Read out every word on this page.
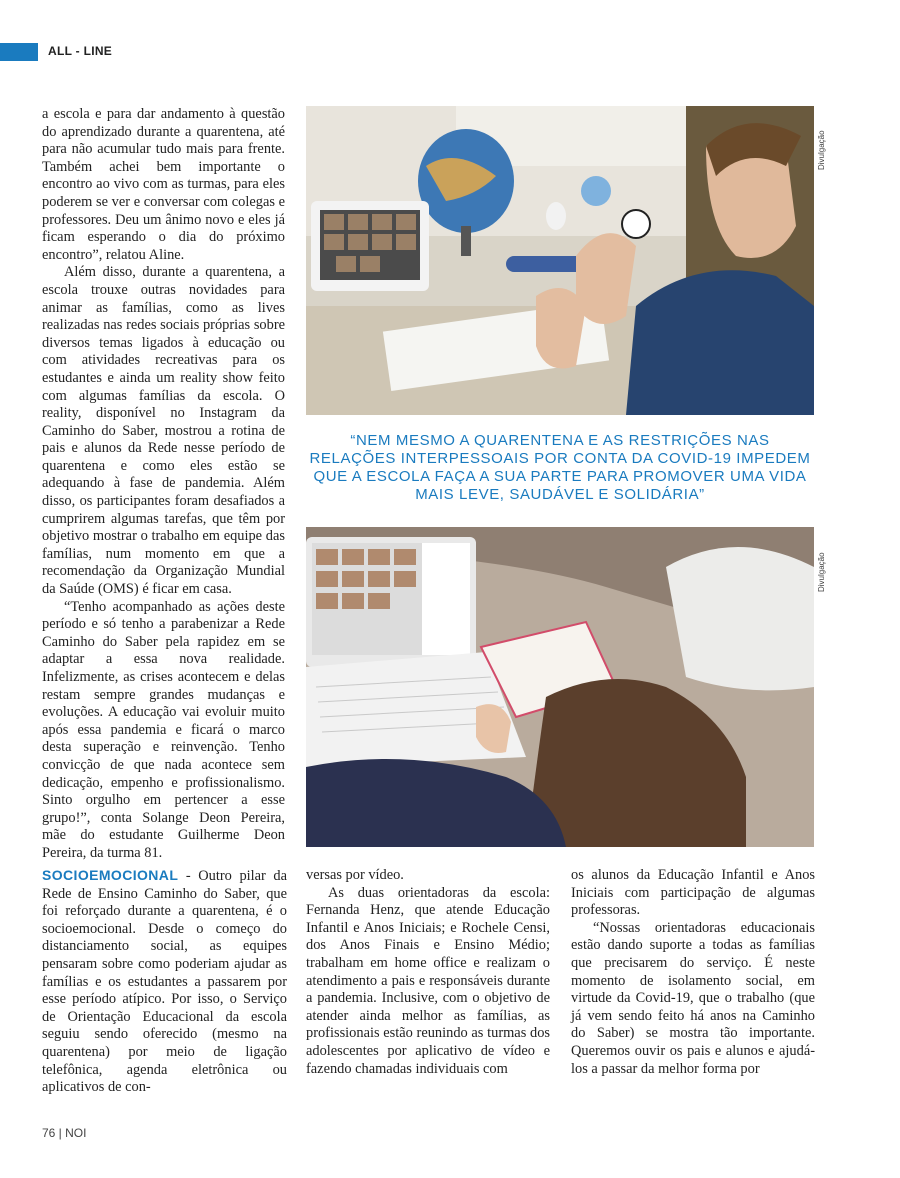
ALL - LINE

a escola e para dar andamento à questão do aprendizado durante a quarentena, até para não acumular tudo mais para frente. Também achei bem importante o encontro ao vivo com as turmas, para eles poderem se ver e conversar com colegas e professores. Deu um ânimo novo e eles já ficam esperando o dia do próximo encontro”, relatou Aline.

Além disso, durante a quarentena, a escola trouxe outras novidades para animar as famílias, como as lives realizadas nas redes sociais próprias sobre diversos temas ligados à educação ou com atividades recreativas para os estudantes e ainda um reality show feito com algumas famílias da escola. O reality, disponível no Instagram da Caminho do Saber, mostrou a rotina de pais e alunos da Rede nesse período de quarentena e como eles estão se adequando à fase de pandemia. Além disso, os participantes foram desafiados a cumprirem algumas tarefas, que têm por objetivo mostrar o trabalho em equipe das famílias, num momento em que a recomendação da Organização Mundial da Saúde (OMS) é ficar em casa.

“Tenho acompanhado as ações deste período e só tenho a parabenizar a Rede Caminho do Saber pela rapidez em se adaptar a essa nova realidade. Infelizmente, as crises acontecem e delas restam sempre grandes mudanças e evoluções. A educação vai evoluir muito após essa pandemia e ficará o marco desta superação e reinvenção. Tenho convicção de que nada acontece sem dedicação, empenho e profissionalismo. Sinto orgulho em pertencer a esse grupo!”, conta Solange Deon Pereira, mãe do estudante Guilherme Deon Pereira, da turma 81.

Divulgação
“NEM MESMO A QUARENTENA E AS RESTRIÇÕES NAS RELAÇÕES INTERPESSOAIS POR CONTA DA COVID-19 IMPEDEM QUE A ESCOLA FAÇA A SUA PARTE PARA PROMOVER UMA VIDA MAIS LEVE, SAUDÁVEL E SOLIDÁRIA”
Divulgação

SOCIOEMOCIONAL - Outro pilar da Rede de Ensino Caminho do Saber, que foi reforçado durante a quarentena, é o socioemocional. Desde o começo do distanciamento social, as equipes pensaram sobre como poderiam ajudar as famílias e os estudantes a passarem por esse período atípico. Por isso, o Serviço de Orientação Educacional da escola seguiu sendo oferecido (mesmo na quarentena) por meio de ligação telefônica, agenda eletrônica ou aplicativos de con-

versas por vídeo.

As duas orientadoras da escola: Fernanda Henz, que atende Educação Infantil e Anos Iniciais; e Rochele Censi, dos Anos Finais e Ensino Médio; trabalham em home office e realizam o atendimento a pais e responsáveis durante a pandemia. Inclusive, com o objetivo de atender ainda melhor as famílias, as profissionais estão reunindo as turmas dos adolescentes por aplicativo de vídeo e fazendo chamadas individuais com

os alunos da Educação Infantil e Anos Iniciais com participação de algumas professoras.

“Nossas orientadoras educacionais estão dando suporte a todas as famílias que precisarem do serviço. É neste momento de isolamento social, em virtude da Covid-19, que o trabalho (que já vem sendo feito há anos na Caminho do Saber) se mostra tão importante. Queremos ouvir os pais e alunos e ajudá-los a passar da melhor forma por

76 | NOI
